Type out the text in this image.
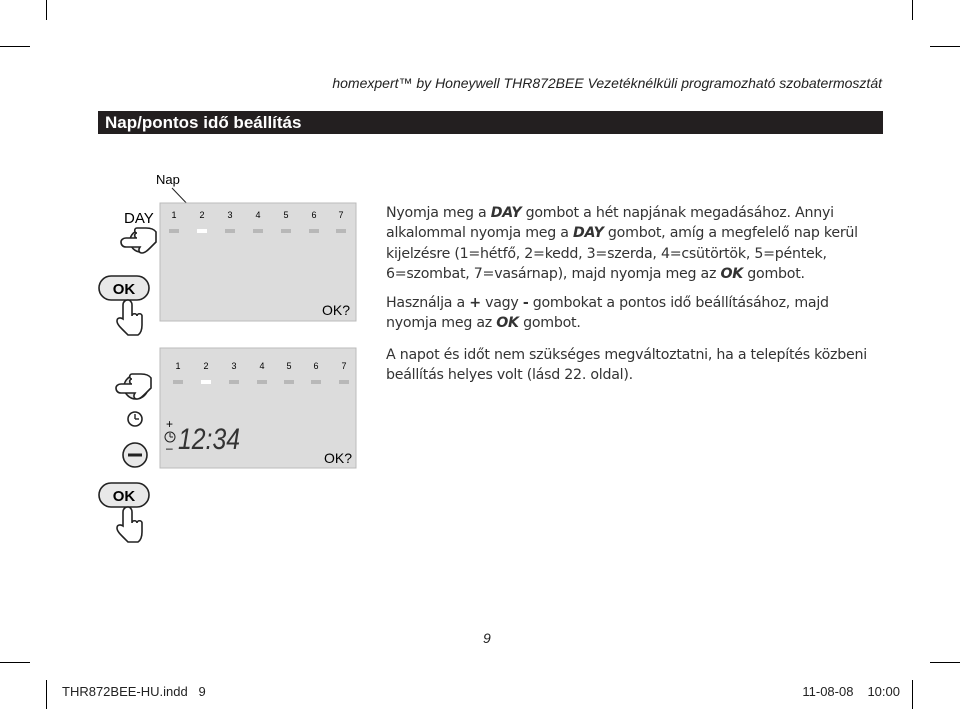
homexpert™ by Honeywell THR872BEE Vezetéknélküli programozható szobatermosztát
Nap/pontos idő beállítás
Nap
DAY
OK
1	2	3	4	5	6 7
OK?
1	2	3	4 5 6	7
+
– 12:34
OK?
OK
Nyomja meg a DAY gombot a hét napjának megadásához. Annyi alkalommal nyomja meg a DAY gombot, amíg a megfelelő nap kerül kijelzésre (1=hétfő, 2=kedd, 3=szerda, 4=csütörtök, 5=péntek, 6=szombat, 7=vasárnap), majd nyomja meg az OK gombot.
Használja a + vagy - gombokat a pontos idő beállításához, majd nyomja meg az OK gombot.
A napot és időt nem szükséges megváltoztatni, ha a telepítés közbeni beállítás helyes volt (lásd 22. oldal).
9
THR872BEE-HU.indd   9	11-08-08 10:00
